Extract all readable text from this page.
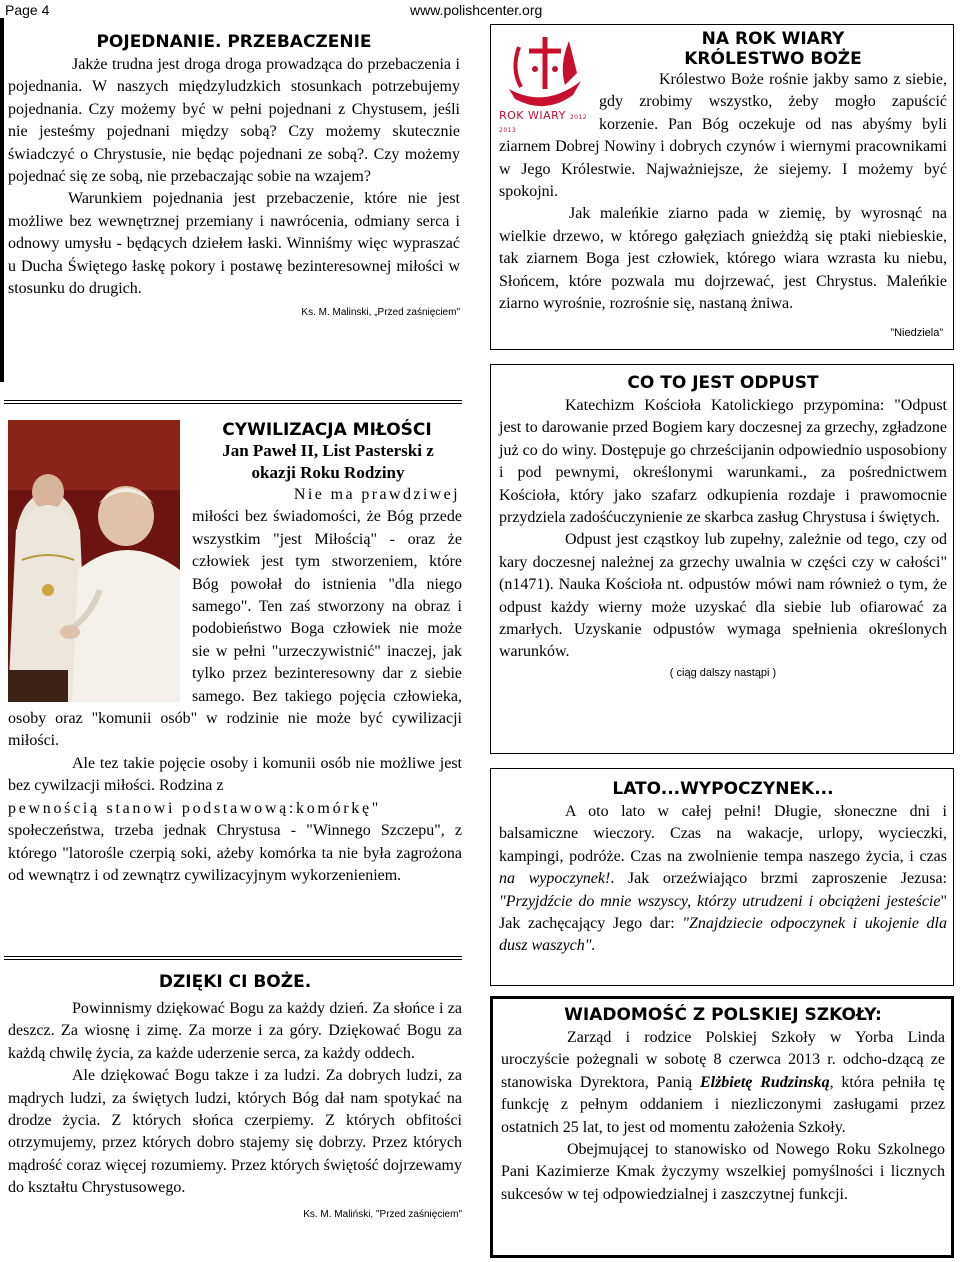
Page 4	www.polishcenter.org
POJEDNANIE. PRZEBACZENIE

Jakże trudna jest droga droga prowadząca do przebaczenia i pojednania. W naszych międzyludzkich stosunkach potrzebujemy pojednania. Czy możemy być w pełni pojednani z Chystusem, jeśli nie jesteśmy pojednani między sobą? Czy możemy skutecznie świadczyć o Chrystusie, nie będąc pojednani ze sobą?. Czy możemy pojednać się ze sobą, nie przebaczając sobie na wzajem?

Warunkiem pojednania jest przebaczenie, które nie jest możliwe bez wewnętrznej przemiany i nawrócenia, odmiany serca i odnowy umysłu - będących dziełem łaski. Winniśmy więc wypraszać u Ducha Świętego łaskę pokory i postawę bezinteresownej miłości w stosunku do drugich.

Ks. M. Malinski, „Przed zaśnięciem"
CYWILIZACJA MIŁOŚCI
Jan Paweł II, List Pasterski z okazji Roku Rodziny

Nie ma prawdziwej

miłości bez świadomości, że Bóg przede wszystkim "jest Miłością" - oraz że człowiek jest tym stworzeniem, które Bóg powołał do istnienia "dla niego samego". Ten zaś stworzony na obraz i podobieństwo Boga człowiek nie może sie w pełni "urzeczywistnić" inaczej, jak tylko przez bezinteresowny dar z siebie samego. Bez takiego pojęcia człowieka, osoby oraz "komunii osób" w rodzinie nie może być cywilizacji miłości.

Ale tez takie pojęcie osoby i komunii osób nie możliwe jest bez cywilzacji miłości. Rodzina z

pewnością stanowi podstawową:komórkę"

społeczeństwa, trzeba jednak Chrystusa - "Winnego Szczepu", z którego "latorośle czerpią soki, ażeby komórka ta nie była zagrożona od wewnątrz i od zewnątrz cywilizacyjnym wykorzenieniem.

DZIĘKI CI BOŻE.

Powinnismy dziękować Bogu za każdy dzień. Za słońce i za deszcz. Za wiosnę i zimę. Za morze i za góry. Dziękować Bogu za każdą chwilę życia, za każde uderzenie serca, za każdy oddech.

Ale dziękować Bogu takze i za ludzi. Za dobrych ludzi, za mądrych ludzi, za świętych ludzi, których Bóg dał nam spotykać na drodze życia. Z których słońca czerpiemy. Z których obfitości otrzymujemy, przez których dobro stajemy się dobrzy. Przez których mądrość coraz więcej rozumiemy. Przez których świętość dojrzewamy do kształtu Chrystusowego.

Ks. M. Maliński, "Przed zaśnięciem"
ROK WIARY 2012 2013
NA ROK WIARY
KRÓLESTWO BOŻE

Królestwo Boże rośnie jakby samo z siebie, gdy zrobimy wszystko, żeby mogło zapuścić korzenie. Pan Bóg oczekuje od nas abyśmy byli ziarnem Dobrej Nowiny i dobrych czynów i wiernymi pracownikami w Jego Królestwie. Najważniejsze, że siejemy. I możemy być spokojni.

Jak maleńkie ziarno pada w ziemię, by wyrosnąć na wielkie drzewo, w którego gałęziach gnieżdżą się ptaki niebieskie, tak ziarnem Boga jest człowiek, którego wiara wzrasta ku niebu, Słońcem, które pozwala mu dojrzewać, jest Chrystus. Maleńkie ziarno wyrośnie, rozrośnie się, nastaną żniwa.

”Niedziela”
CO TO JEST ODPUST

Katechizm Kościoła Katolickiego przypomina: "Odpust jest to darowanie przed Bogiem kary doczesnej za grzechy, zgładzone już co do winy. Dostępuje go chrześcijanin odpowiednio usposobiony i pod pewnymi, określonymi warunkami., za pośrednictwem Kościoła, który jako szafarz odkupienia rozdaje i prawomocnie przydziela zadośćuczynienie ze skarbca zasług Chrystusa i świętych.

Odpust jest cząstkoy lub zupełny, zależnie od tego, czy od kary doczesnej należnej za grzechy uwalnia w części czy w całości" (n1471). Nauka Kościoła nt. odpustów mówi nam również o tym, że odpust każdy wierny może uzyskać dla siebie lub ofiarować za zmarłych. Uzyskanie odpustów wymaga spełnienia określonych warunków.

( ciąg dalszy nastąpi )
LATO...WYPOCZYNEK...

A oto lato w całej pełni! Długie, słoneczne dni i balsamiczne wieczory. Czas na wakacje, urlopy, wycieczki, kampingi, podróże. Czas na zwolnienie tempa naszego życia, i czas na wypoczynek!. Jak orzeźwiająco brzmi zaproszenie Jezusa: "Przyjdźcie do mnie wszyscy, którzy utrudzeni i obciążeni jesteście" Jak zachęcający Jego dar: "Znajdziecie odpoczynek i ukojenie dla dusz waszych".

WIADOMOŚĆ Z POLSKIEJ SZKOŁY:

Zarząd i rodzice Polskiej Szkoły w Yorba Linda uroczyście pożegnali w sobotę 8 czerwca 2013 r. odcho-dzącą ze stanowiska Dyrektora, Panią Elżbietę Rudzinską, która pełniła tę funkcję z pełnym oddaniem i niezliczonymi zasługami przez ostatnich 25 lat, to jest od momentu założenia Szkoły.

Obejmującej to stanowisko od Nowego Roku Szkolnego Pani Kazimierze Kmak życzymy wszelkiej pomyślności i licznych sukcesów w tej odpowiedzialnej i zaszczytnej funkcji.
